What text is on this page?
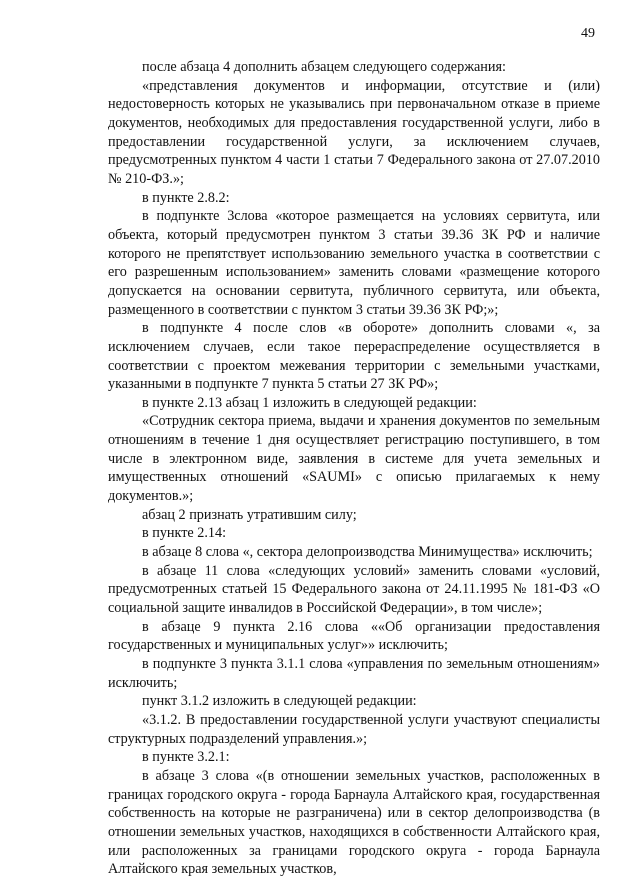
49

после абзаца 4 дополнить абзацем следующего содержания:

«представления документов и информации, отсутствие и (или) недостоверность которых не указывались при первоначальном отказе в приеме документов, необходимых для предоставления государственной услуги, либо в предоставлении государственной услуги, за исключением случаев, предусмотренных пунктом 4 части 1 статьи 7 Федерального закона от 27.07.2010 № 210-ФЗ.»;

в пункте 2.8.2:

в подпункте 3слова «которое размещается на условиях сервитута, или объекта, который предусмотрен пунктом 3 статьи 39.36 ЗК РФ и наличие которого не препятствует использованию земельного участка в соответствии с его разрешенным использованием» заменить словами «размещение которого допускается на основании сервитута, публичного сервитута, или объекта, размещенного в соответствии с пунктом 3 статьи 39.36 ЗК РФ;»;

в подпункте 4 после слов «в обороте» дополнить словами «, за исключением случаев, если такое перераспределение осуществляется в соответствии с проектом межевания территории с земельными участками, указанными в подпункте 7 пункта 5 статьи 27 ЗК РФ»;

в пункте 2.13 абзац 1 изложить в следующей редакции:

«Сотрудник сектора приема, выдачи и хранения документов по земельным отношениям в течение 1 дня осуществляет регистрацию поступившего, в том числе в электронном виде, заявления в системе для учета земельных и имущественных отношений «SAUMI» с описью прилагаемых к нему документов.»;

абзац 2 признать утратившим силу;

в пункте 2.14:

в абзаце 8 слова «, сектора делопроизводства Минимущества» исключить;

в абзаце 11 слова «следующих условий» заменить словами «условий, предусмотренных статьей 15 Федерального закона от 24.11.1995 № 181-ФЗ «О социальной защите инвалидов в Российской Федерации», в том числе»;

в абзаце 9 пункта 2.16 слова ««Об организации предоставления государственных и муниципальных услуг»» исключить;

в подпункте 3 пункта 3.1.1 слова «управления по земельным отношениям» исключить;

пункт 3.1.2 изложить в следующей редакции:

«3.1.2. В предоставлении государственной услуги участвуют специалисты структурных подразделений управления.»;

в пункте 3.2.1:

в абзаце 3 слова «(в отношении земельных участков, расположенных в границах городского округа - города Барнаула Алтайского края, государственная собственность на которые не разграничена) или в сектор делопроизводства (в отношении земельных участков, находящихся в собственности Алтайского края, или расположенных за границами городского округа - города Барнаула Алтайского края земельных участков,
